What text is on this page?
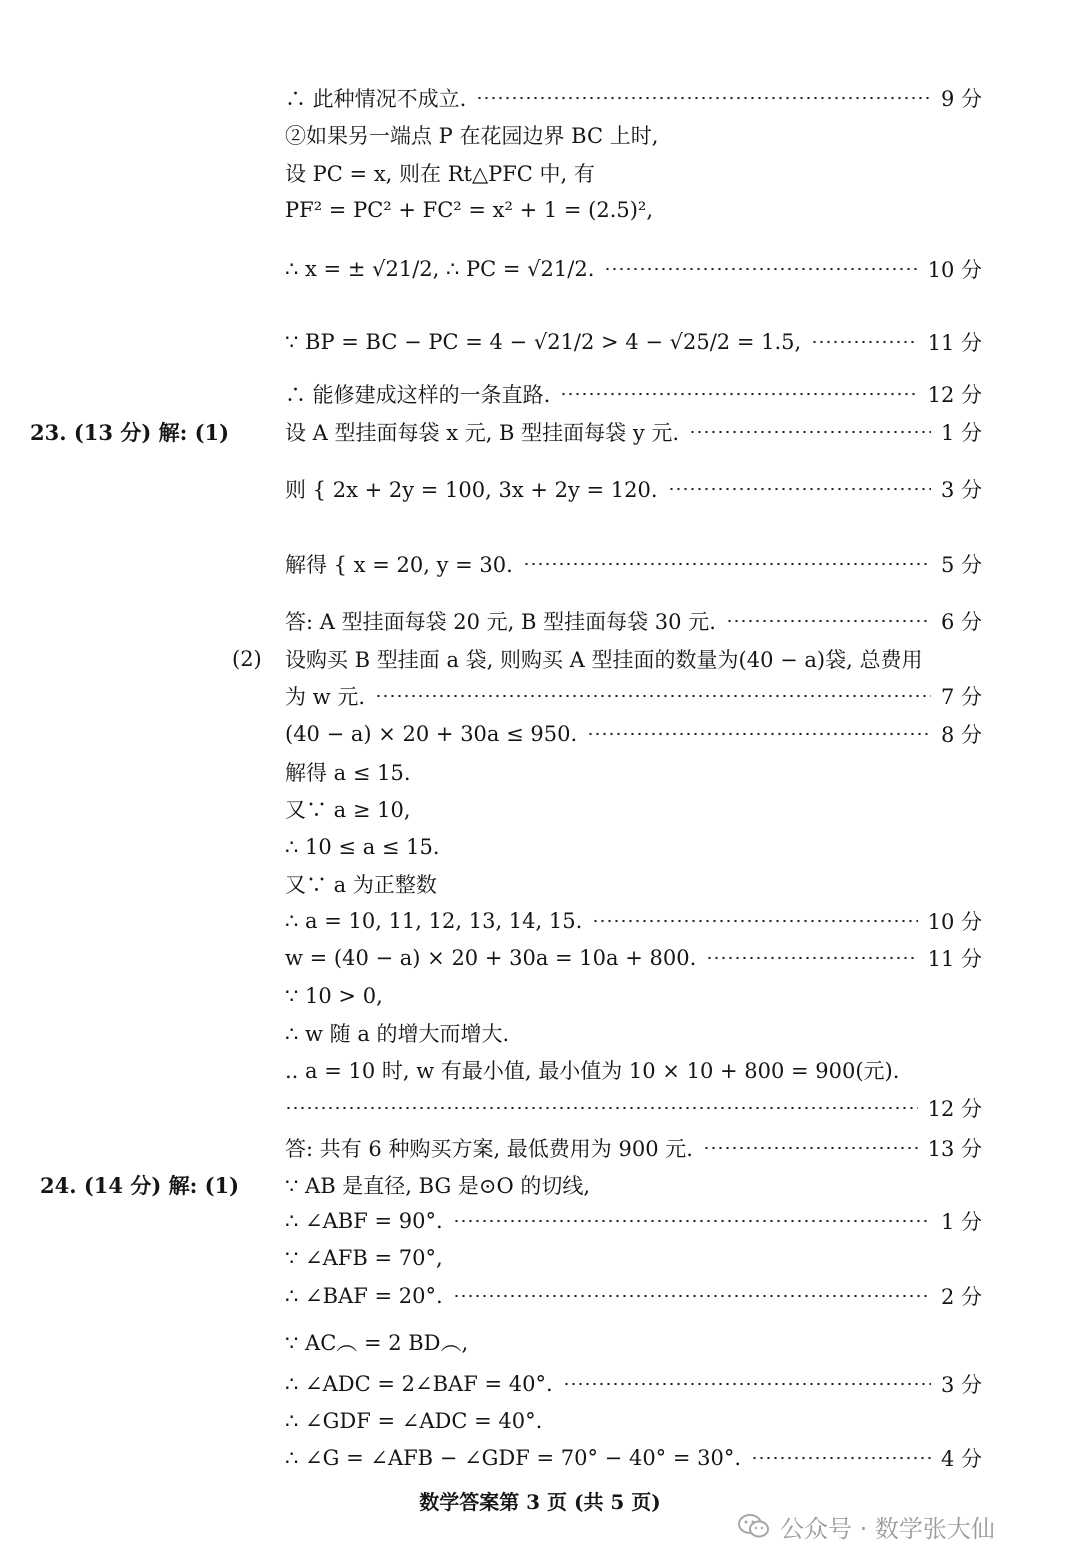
∴ 此种情况不成立.	9 分
②如果另一端点 P 在花园边界 BC 上时,
设 PC = x, 则在 Rt△PFC 中, 有
PF² = PC² + FC² = x² + 1 = (2.5)²,
∴ x = ± √21/2, ∴ PC = √21/2.	10 分
∵ BP = BC − PC = 4 − √21/2 > 4 − √25/2 = 1.5,	11 分
∴ 能修建成这样的一条直路.	12 分
23. (13 分) 解: (1)	设 A 型挂面每袋 x 元, B 型挂面每袋 y 元.	1 分
则 { 2x + 2y = 100, 3x + 2y = 120.	3 分
解得 { x = 20, y = 30.	5 分
答: A 型挂面每袋 20 元, B 型挂面每袋 30 元.	6 分
(2) 设购买 B 型挂面 a 袋, 则购买 A 型挂面的数量为(40 − a)袋, 总费用
为 w 元.	7 分
(40 − a) × 20 + 30a ≤ 950.	8 分
解得 a ≤ 15.
又∵ a ≥ 10,
∴ 10 ≤ a ≤ 15.
又∵ a 为正整数
∴ a = 10, 11, 12, 13, 14, 15.	10 分
w = (40 − a) × 20 + 30a = 10a + 800.	11 分
∵ 10 > 0,
∴ w 随 a 的增大而增大.
.. a = 10 时, w 有最小值, 最小值为 10 × 10 + 800 = 900(元).
12 分
答: 共有 6 种购买方案, 最低费用为 900 元.	13 分
24. (14 分) 解: (1) ∵ AB 是直径, BG 是⊙O 的切线,
∴ ∠ABF = 90°.	1 分
∵ ∠AFB = 70°,
∴ ∠BAF = 20°.	2 分
∵ AC︵ = 2 BD︵,
∴ ∠ADC = 2∠BAF = 40°.	3 分
∴ ∠GDF = ∠ADC = 40°.
∴ ∠G = ∠AFB − ∠GDF = 70° − 40° = 30°.	4 分
数学答案第 3 页 (共 5 页)
公众号 · 数学张大仙
